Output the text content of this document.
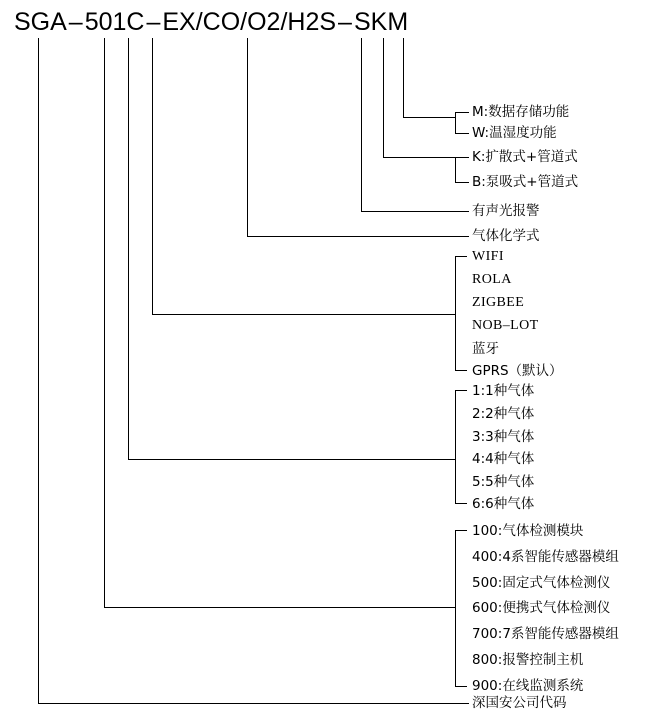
SGA–501C–EX/CO/O2/H2S–SKM
M:数据存储功能
W:温湿度功能
K:扩散式+管道式
B:泵吸式+管道式
有声光报警
气体化学式
WIFI
ROLA
ZIGBEE
NOB–LOT
蓝牙
GPRS（默认）
1:1种气体
2:2种气体
3:3种气体
4:4种气体
5:5种气体
6:6种气体
100:气体检测模块
400:4系智能传感器模组
500:固定式气体检测仪
600:便携式气体检测仪
700:7系智能传感器模组
800:报警控制主机
900:在线监测系统
深国安公司代码
